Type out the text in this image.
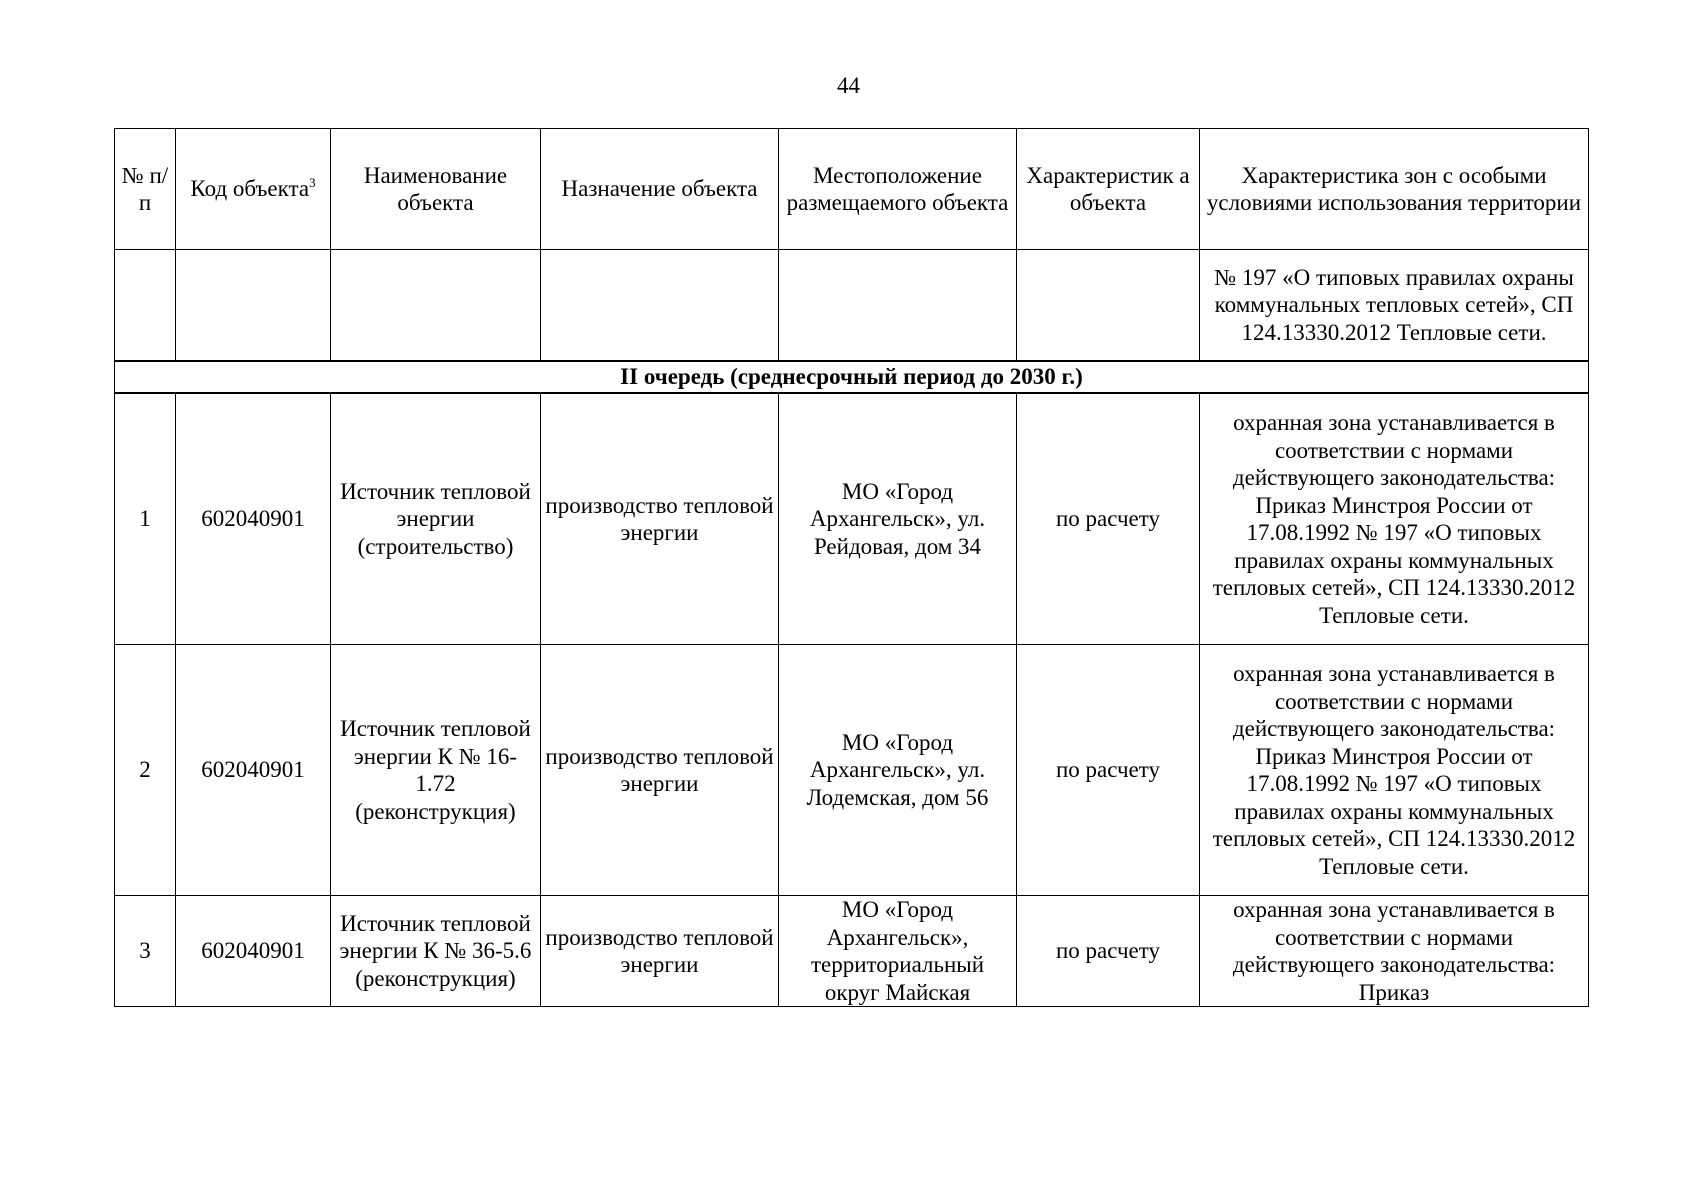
44
№ п/п	Код объекта$^3$	Наименование объекта	Назначение объекта	Местоположение размещаемого объекта	Характеристик а объекта	Характеристика зон с особыми условиями использования территории
						№ 197 «О типовых правилах охраны коммунальных тепловых сетей», СП 124.13330.2012 Тепловые сети.
II очередь (среднесрочный период до 2030 г.)						
1	602040901	Источник тепловой энергии (строительство)	производство тепловой энергии	МО «Город Архангельск», ул. Рейдовая, дом 34	по расчету	охранная зона устанавливается в соответствии с нормами действующего законодательства: Приказ Минстроя России от 17.08.1992 № 197 «О типовых правилах охраны коммунальных тепловых сетей», СП 124.13330.2012 Тепловые сети.
2	602040901	Источник тепловой энергии К № 16-1.72 (реконструкция)	производство тепловой энергии	МО «Город Архангельск», ул. Лодемская, дом 56	по расчету	охранная зона устанавливается в соответствии с нормами действующего законодательства: Приказ Минстроя России от 17.08.1992 № 197 «О типовых правилах охраны коммунальных тепловых сетей», СП 124.13330.2012 Тепловые сети.
3	602040901	Источник тепловой энергии К № 36-5.6 (реконструкция)	производство тепловой энергии	МО «Город Архангельск», территориальный округ Майская	по расчету	охранная зона устанавливается в соответствии с нормами действующего законодательства: Приказ
